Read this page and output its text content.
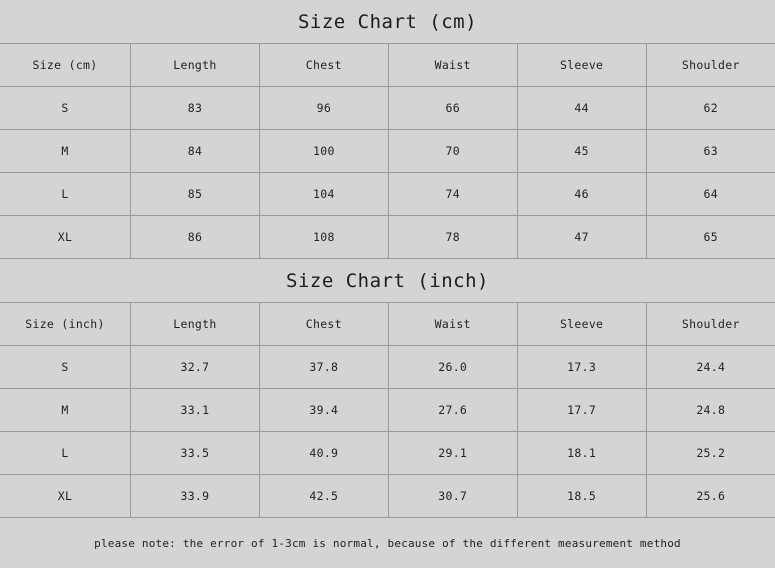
Size Chart (cm)
Size (cm)	Length	Chest	Waist	Sleeve	Shoulder
S	83	96	66	44	62
M	84	100	70	45	63
L	85	104	74	46	64
XL	86	108	78	47	65
Size Chart (inch)
Size (inch)	Length	Chest	Waist	Sleeve	Shoulder
S	32.7	37.8	26.0	17.3	24.4
M	33.1	39.4	27.6	17.7	24.8
L	33.5	40.9	29.1	18.1	25.2
XL	33.9	42.5	30.7	18.5	25.6
please note: the error of 1-3cm is normal, because of the different measurement method
